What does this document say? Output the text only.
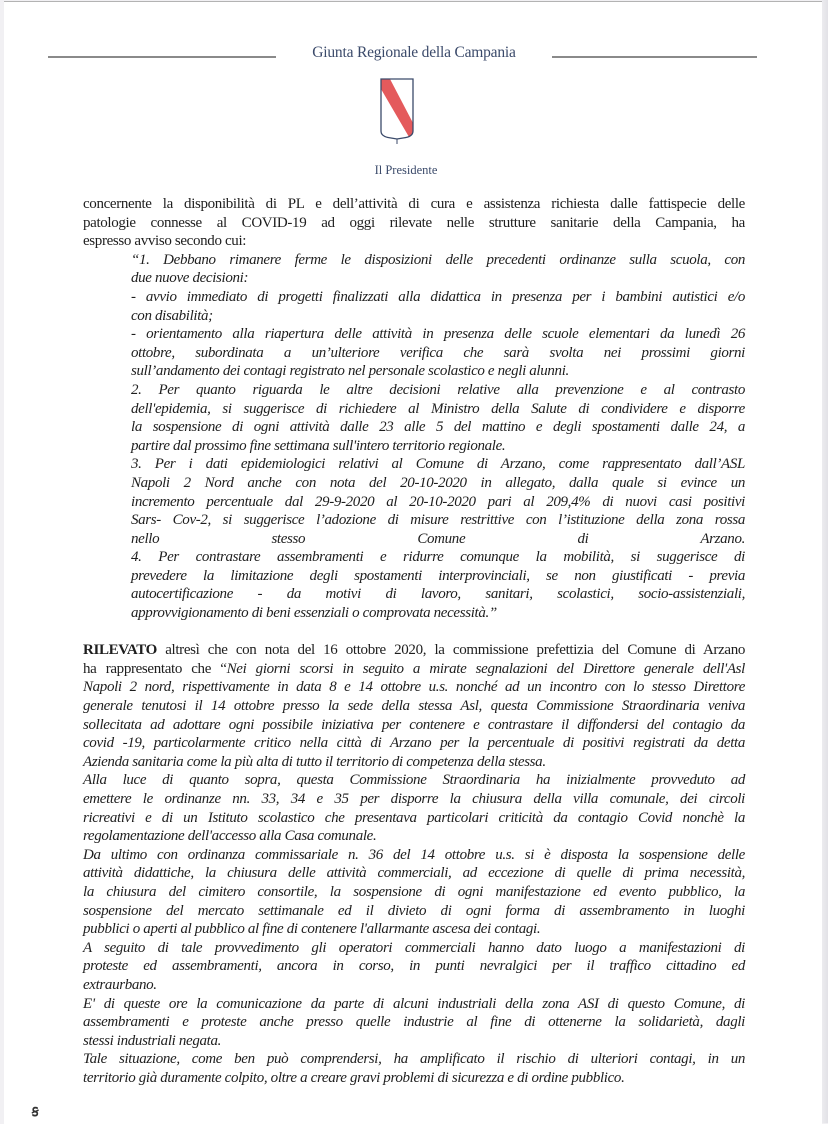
Giunta Regionale della Campania
Il Presidente
concernente la disponibilità di PL e dell’attività di cura e assistenza richiesta dalle fattispecie delle
patologie connesse al COVID-19 ad oggi rilevate nelle strutture sanitarie della Campania, ha
espresso avviso secondo cui:
“1. Debbano rimanere ferme le disposizioni delle precedenti ordinanze sulla scuola, con
due nuove decisioni:
- avvio immediato di progetti finalizzati alla didattica in presenza per i bambini autistici e/o
con disabilità;
- orientamento alla riapertura delle attività in presenza delle scuole elementari da lunedì 26
ottobre, subordinata a un’ulteriore verifica che sarà svolta nei prossimi giorni
sull’andamento dei contagi registrato nel personale scolastico e negli alunni.
2. Per quanto riguarda le altre decisioni relative alla prevenzione e al contrasto
dell'epidemia, si suggerisce di richiedere al Ministro della Salute di condividere e disporre
la sospensione di ogni attività dalle 23 alle 5 del mattino e degli spostamenti dalle 24, a
partire dal prossimo fine settimana sull'intero territorio regionale.
3. Per i dati epidemiologici relativi al Comune di Arzano, come rappresentato dall’ASL
Napoli 2 Nord anche con nota del 20-10-2020 in allegato, dalla quale si evince un
incremento percentuale dal 29-9-2020 al 20-10-2020 pari al 209,4% di nuovi casi positivi
Sars- Cov-2, si suggerisce l’adozione di misure restrittive con l’istituzione della zona rossa
nello stesso Comune di Arzano.
4. Per contrastare assembramenti e ridurre comunque la mobilità, si suggerisce di
prevedere la limitazione degli spostamenti interprovinciali, se non giustificati - previa
autocertificazione - da motivi di lavoro, sanitari, scolastici, socio-assistenziali,
approvvigionamento di beni essenziali o comprovata necessità.”
RILEVATO altresì che con nota del 16 ottobre 2020, la commissione prefettizia del Comune di Arzano
ha rappresentato che “Nei giorni scorsi in seguito a mirate segnalazioni del Direttore generale dell'Asl
Napoli 2 nord, rispettivamente in data 8 e 14 ottobre u.s. nonché ad un incontro con lo stesso Direttore
generale tenutosi il 14 ottobre presso la sede della stessa Asl, questa Commissione Straordinaria veniva
sollecitata ad adottare ogni possibile iniziativa per contenere e contrastare il diffondersi del contagio da
covid -19, particolarmente critico nella città di Arzano per la percentuale di positivi registrati da detta
Azienda sanitaria come la più alta di tutto il territorio di competenza della stessa.
Alla luce di quanto sopra, questa Commissione Straordinaria ha inizialmente provveduto ad
emettere le ordinanze nn. 33, 34 e 35 per disporre la chiusura della villa comunale, dei circoli
ricreativi e di un Istituto scolastico che presentava particolari criticità da contagio Covid nonchè la
regolamentazione dell'accesso alla Casa comunale.
Da ultimo con ordinanza commissariale n. 36 del 14 ottobre u.s. si è disposta la sospensione delle
attività didattiche, la chiusura delle attività commerciali, ad eccezione di quelle di prima necessità,
la chiusura del cimitero consortile, la sospensione di ogni manifestazione ed evento pubblico, la
sospensione del mercato settimanale ed il divieto di ogni forma di assembramento in luoghi
pubblici o aperti al pubblico al fine di contenere l'allarmante ascesa dei contagi.
A seguito di tale provvedimento gli operatori commerciali hanno dato luogo a manifestazioni di
proteste ed assembramenti, ancora in corso, in punti nevralgici per il traffico cittadino ed
extraurbano.
E' di queste ore la comunicazione da parte di alcuni industriali della zona ASI di questo Comune, di
assembramenti e proteste anche presso quelle industrie al fine di ottenerne la solidarietà, dagli
stessi industriali negata.
Tale situazione, come ben può comprendersi, ha amplificato il rischio di ulteriori contagi, in un
territorio già duramente colpito, oltre a creare gravi problemi di sicurezza e di ordine pubblico.
ꞩ
